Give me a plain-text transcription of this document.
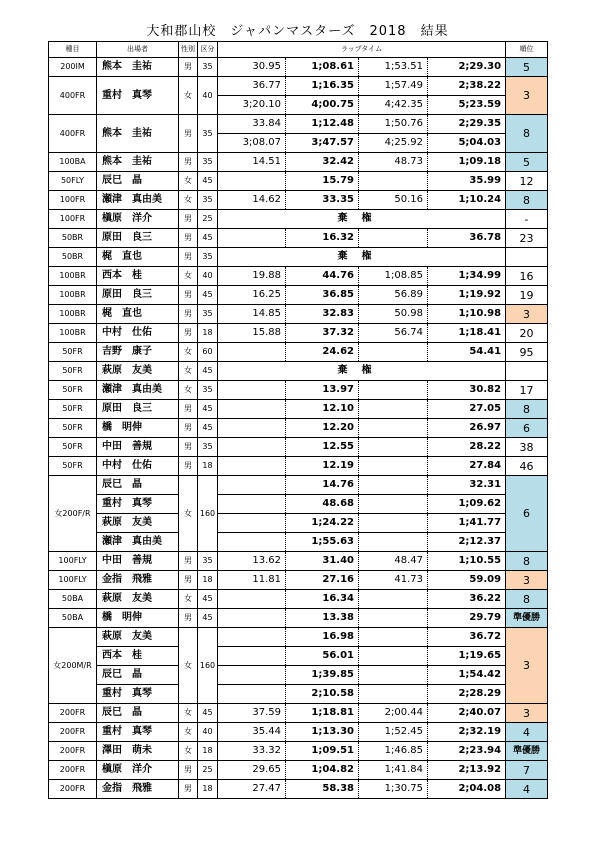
大和郡山校　ジャパンマスターズ　2018　結果
種目	出場者	性別	区分	ラップタイム				順位
200IM	熊本　圭祐	男	35	30.95	1;08.61	1;53.51	2;29.30	5
400FR	重村　真琴	女	40	36.77	1;16.35	1;57.49	2;38.22	3
				3;20.10	4;00.75	4;42.35	5;23.59	
400FR	熊本　圭祐	男	35	33.84	1;12.48	1;50.76	2;29.35	8
				3;08.07	3;47.57	4;25.92	5;04.03	
100BA	熊本　圭祐	男	35	14.51	32.42	48.73	1;09.18	5
50FLY	辰巳　晶	女	45		15.79		35.99	12
100FR	瀬津　真由美	女	35	14.62	33.35	50.16	1;10.24	8
100FR	槇原　洋介	男	25	棄権				-
50BR	原田　良三	男	45		16.32		36.78	23
50BR	梶　直也	男	35	棄権				
100BR	西本　桂	女	40	19.88	44.76	1;08.85	1;34.99	16
100BR	原田　良三	男	45	16.25	36.85	56.89	1;19.92	19
100BR	梶　直也	男	35	14.85	32.83	50.98	1;10.98	3
100BR	中村　仕佑	男	18	15.88	37.32	56.74	1;18.41	20
50FR	吉野　康子	女	60		24.62		54.41	95
50FR	萩原　友美	女	45	棄権				
50FR	瀬津　真由美	女	35		13.97		30.82	17
50FR	原田　良三	男	45		12.10		27.05	8
50FR	橋　明伸	男	45		12.20		26.97	6
50FR	中田　善規	男	35		12.55		28.22	38
50FR	中村　仕佑	男	18		12.19		27.84	46
女200F/R	辰巳　晶	女	160		14.76		32.31	6
	重村　真琴				48.68		1;09.62	
	萩原　友美				1;24.22		1;41.77	
	瀬津　真由美				1;55.63		2;12.37	
100FLY	中田　善規	男	35	13.62	31.40	48.47	1;10.55	8
100FLY	金指　飛雅	男	18	11.81	27.16	41.73	59.09	3
50BA	萩原　友美	女	45		16.34		36.22	8
50BA	橋　明伸	男	45		13.38		29.79	準優勝
女200M/R	萩原　友美	女	160		16.98		36.72	3
	西本　桂				56.01		1;19.65	
	辰巳　晶				1;39.85		1;54.42	
	重村　真琴				2;10.58		2;28.29	
200FR	辰巳　晶	女	45	37.59	1;18.81	2;00.44	2;40.07	3
200FR	重村　真琴	女	40	35.44	1;13.30	1;52.45	2;32.19	4
200FR	澤田　萌未	女	18	33.32	1;09.51	1;46.85	2;23.94	準優勝
200FR	槇原　洋介	男	25	29.65	1;04.82	1;41.84	2;13.92	7
200FR	金指　飛雅	男	18	27.47	58.38	1;30.75	2;04.08	4
